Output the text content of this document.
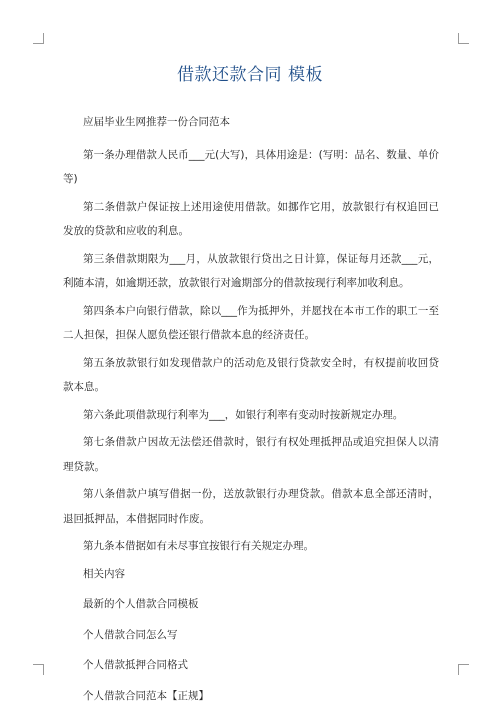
借款还款合同 模板

应届毕业生网推荐一份合同范本

第一条办理借款人民币___元(大写)，具体用途是：(写明：品名、数量、单价等)

第二条借款户保证按上述用途使用借款。如挪作它用，放款银行有权追回已发放的贷款和应收的利息。

第三条借款期限为___月，从放款银行贷出之日计算，保证每月还款___元，利随本清，如逾期还款，放款银行对逾期部分的借款按现行利率加收利息。

第四条本户向银行借款，除以___作为抵押外，并愿找在本市工作的职工一至二人担保，担保人愿负偿还银行借款本息的经济责任。

第五条放款银行如发现借款户的活动危及银行贷款安全时，有权提前收回贷款本息。

第六条此项借款现行利率为___，如银行利率有变动时按新规定办理。

第七条借款户因故无法偿还借款时，银行有权处理抵押品或追究担保人以清理贷款。

第八条借款户填写借据一份，送放款银行办理贷款。借款本息全部还清时，退回抵押品，本借据同时作废。

第九条本借据如有未尽事宜按银行有关规定办理。

相关内容

最新的个人借款合同模板

个人借款合同怎么写

个人借款抵押合同格式

个人借款合同范本【正规】
